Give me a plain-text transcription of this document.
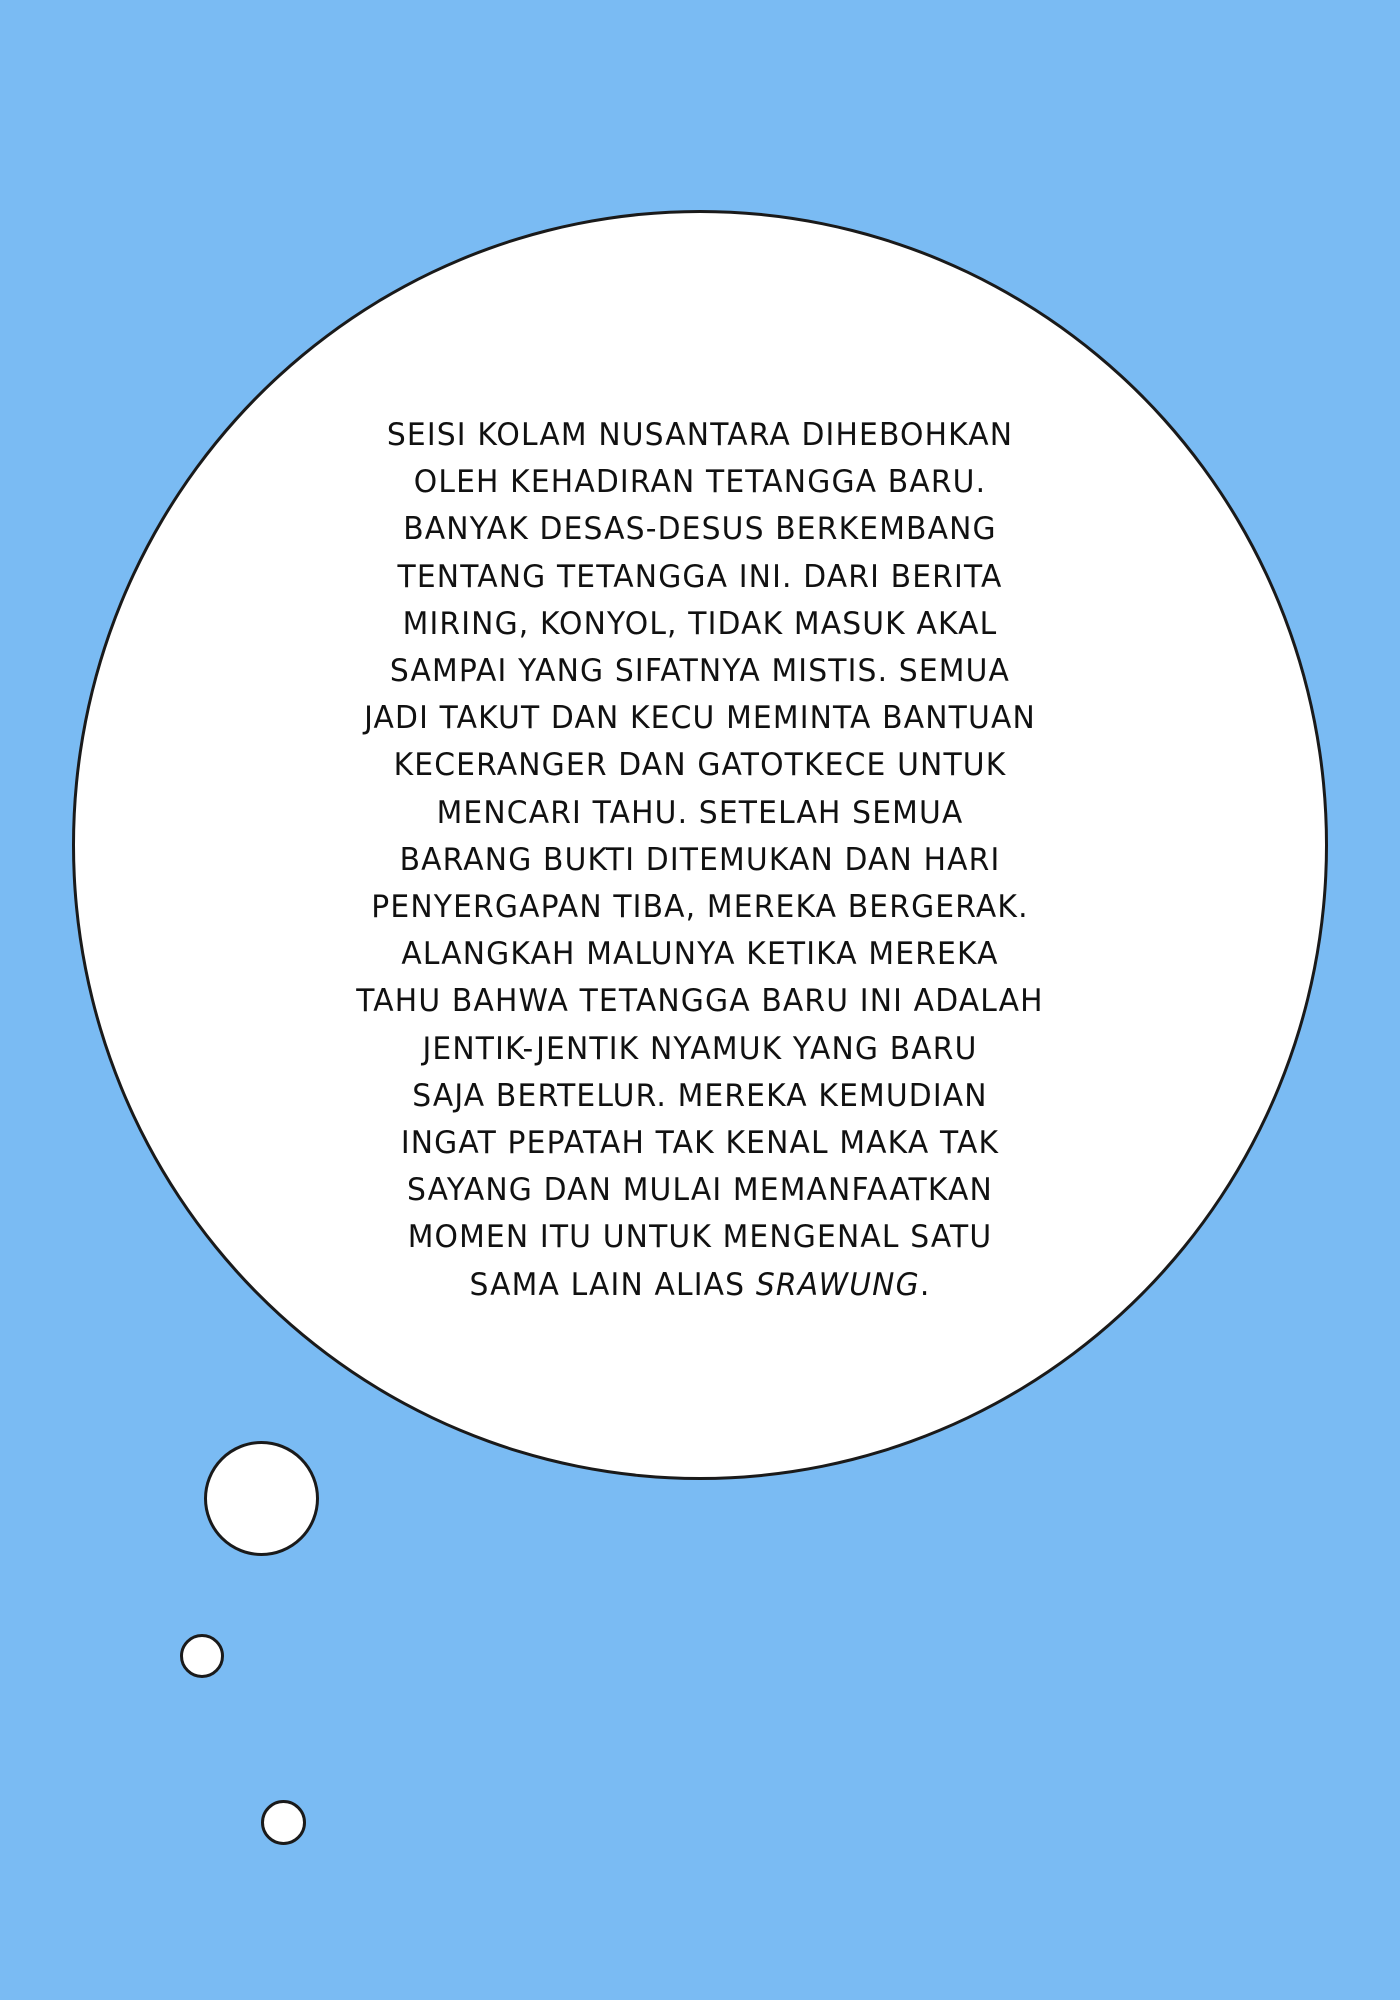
SEISI KOLAM NUSANTARA DIHEBOHKAN
OLEH KEHADIRAN TETANGGA BARU.
BANYAK DESAS-DESUS BERKEMBANG
TENTANG TETANGGA INI. DARI BERITA
MIRING, KONYOL, TIDAK MASUK AKAL
SAMPAI YANG SIFATNYA MISTIS. SEMUA
JADI TAKUT DAN KECU MEMINTA BANTUAN
KECERANGER DAN GATOTKECE UNTUK
MENCARI TAHU. SETELAH SEMUA
BARANG BUKTI DITEMUKAN DAN HARI
PENYERGAPAN TIBA, MEREKA BERGERAK.
ALANGKAH MALUNYA KETIKA MEREKA
TAHU BAHWA TETANGGA BARU INI ADALAH
JENTIK-JENTIK NYAMUK YANG BARU
SAJA BERTELUR. MEREKA KEMUDIAN
INGAT PEPATAH TAK KENAL MAKA TAK
SAYANG DAN MULAI MEMANFAATKAN
MOMEN ITU UNTUK MENGENAL SATU
SAMA LAIN ALIAS SRAWUNG.
